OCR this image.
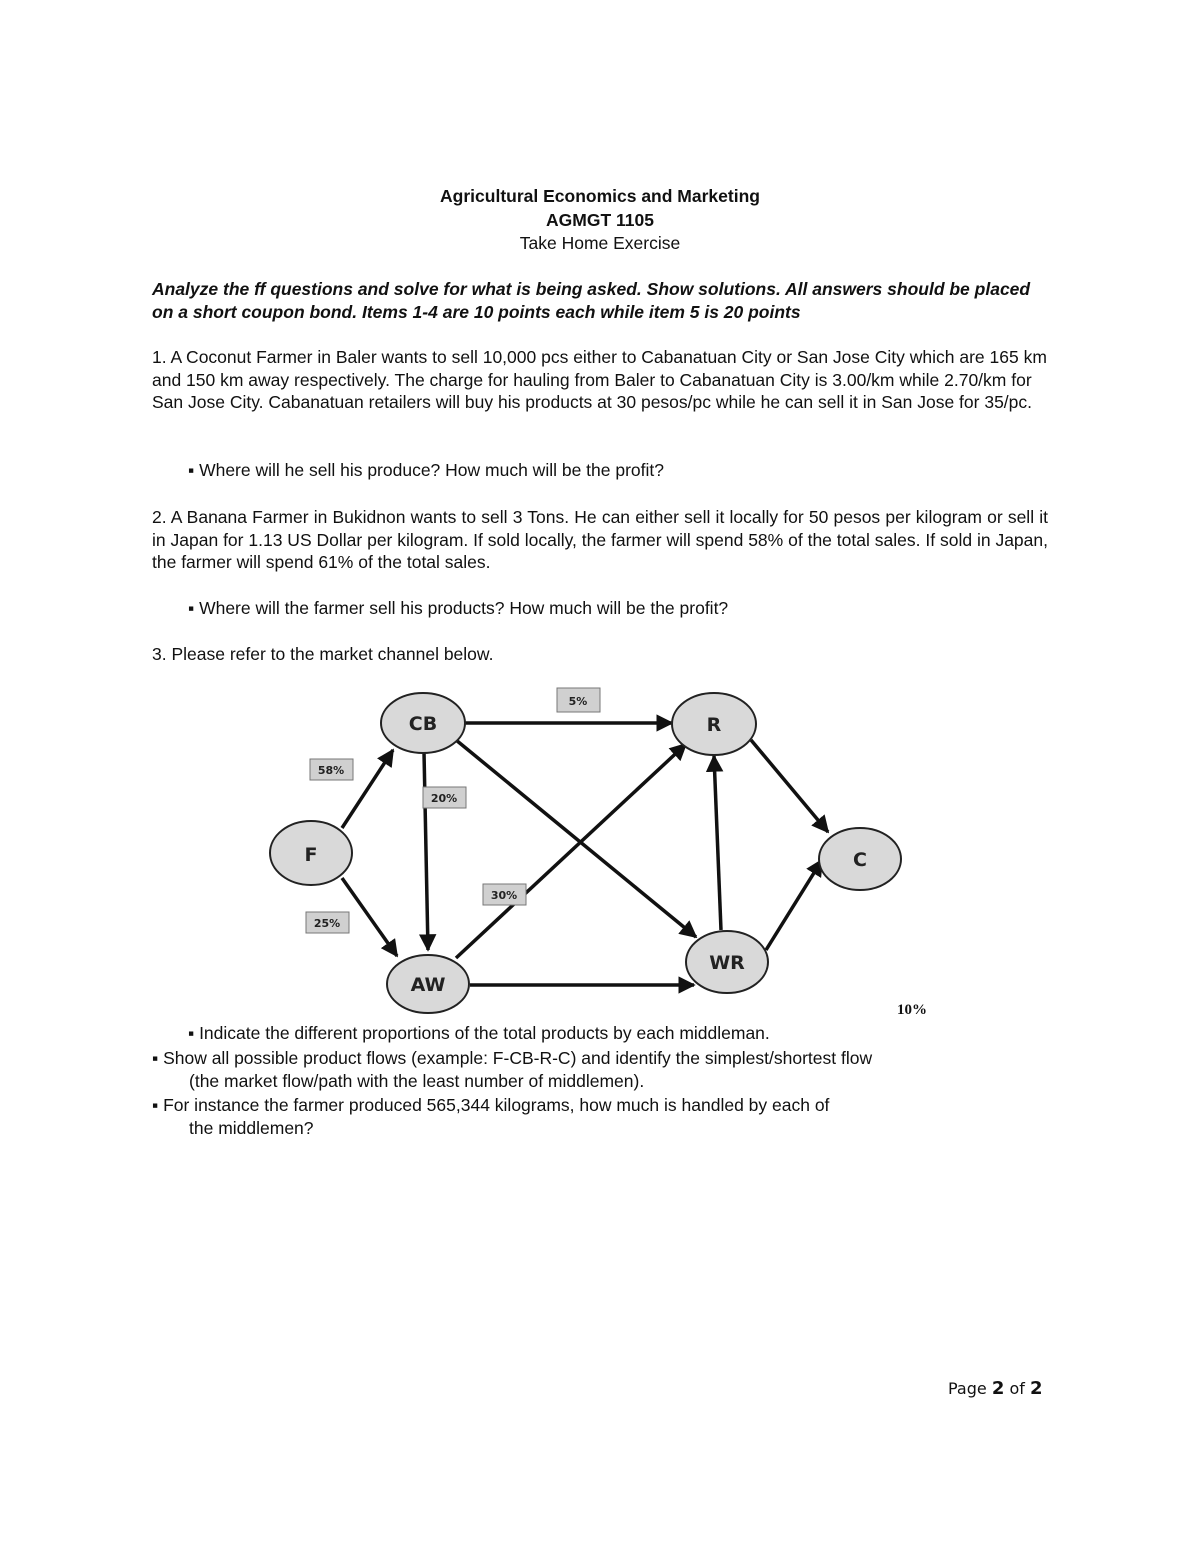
Agricultural Economics and Marketing
AGMGT 1105
Take Home Exercise
Analyze the ff questions and solve for what is being asked. Show solutions. All answers should be placed on a short coupon bond. Items 1-4 are 10 points each while item 5 is 20 points
1. A Coconut Farmer in Baler wants to sell 10,000 pcs either to Cabanatuan City or San Jose City which are 165 km and 150 km away respectively. The charge for hauling from Baler to Cabanatuan City is 3.00/km while 2.70/km for San Jose City. Cabanatuan retailers will buy his products at 30 pesos/pc while he can sell it in San Jose for 35/pc.
▪ Where will he sell his produce? How much will be the profit?
2. A Banana Farmer in Bukidnon wants to sell 3 Tons. He can either sell it locally for 50 pesos per kilogram or sell it in Japan for 1.13 US Dollar per kilogram. If sold locally, the farmer will spend 58% of the total sales. If sold in Japan, the farmer will spend 61% of the total sales.
▪ Where will the farmer sell his products? How much will be the profit?
3. Please refer to the market channel below.
CB	R
F	C
AW
WR
58%
25%
20%
5%
30%
10%
▪ Indicate the different proportions of the total products by each middleman.
▪ Show all possible product flows (example: F-CB-R-C) and identify the simplest/shortest flow
(the market flow/path with the least number of middlemen).
▪ For instance the farmer produced 565,344 kilograms, how much is handled by each of
the middlemen?
Page 2 of 2
